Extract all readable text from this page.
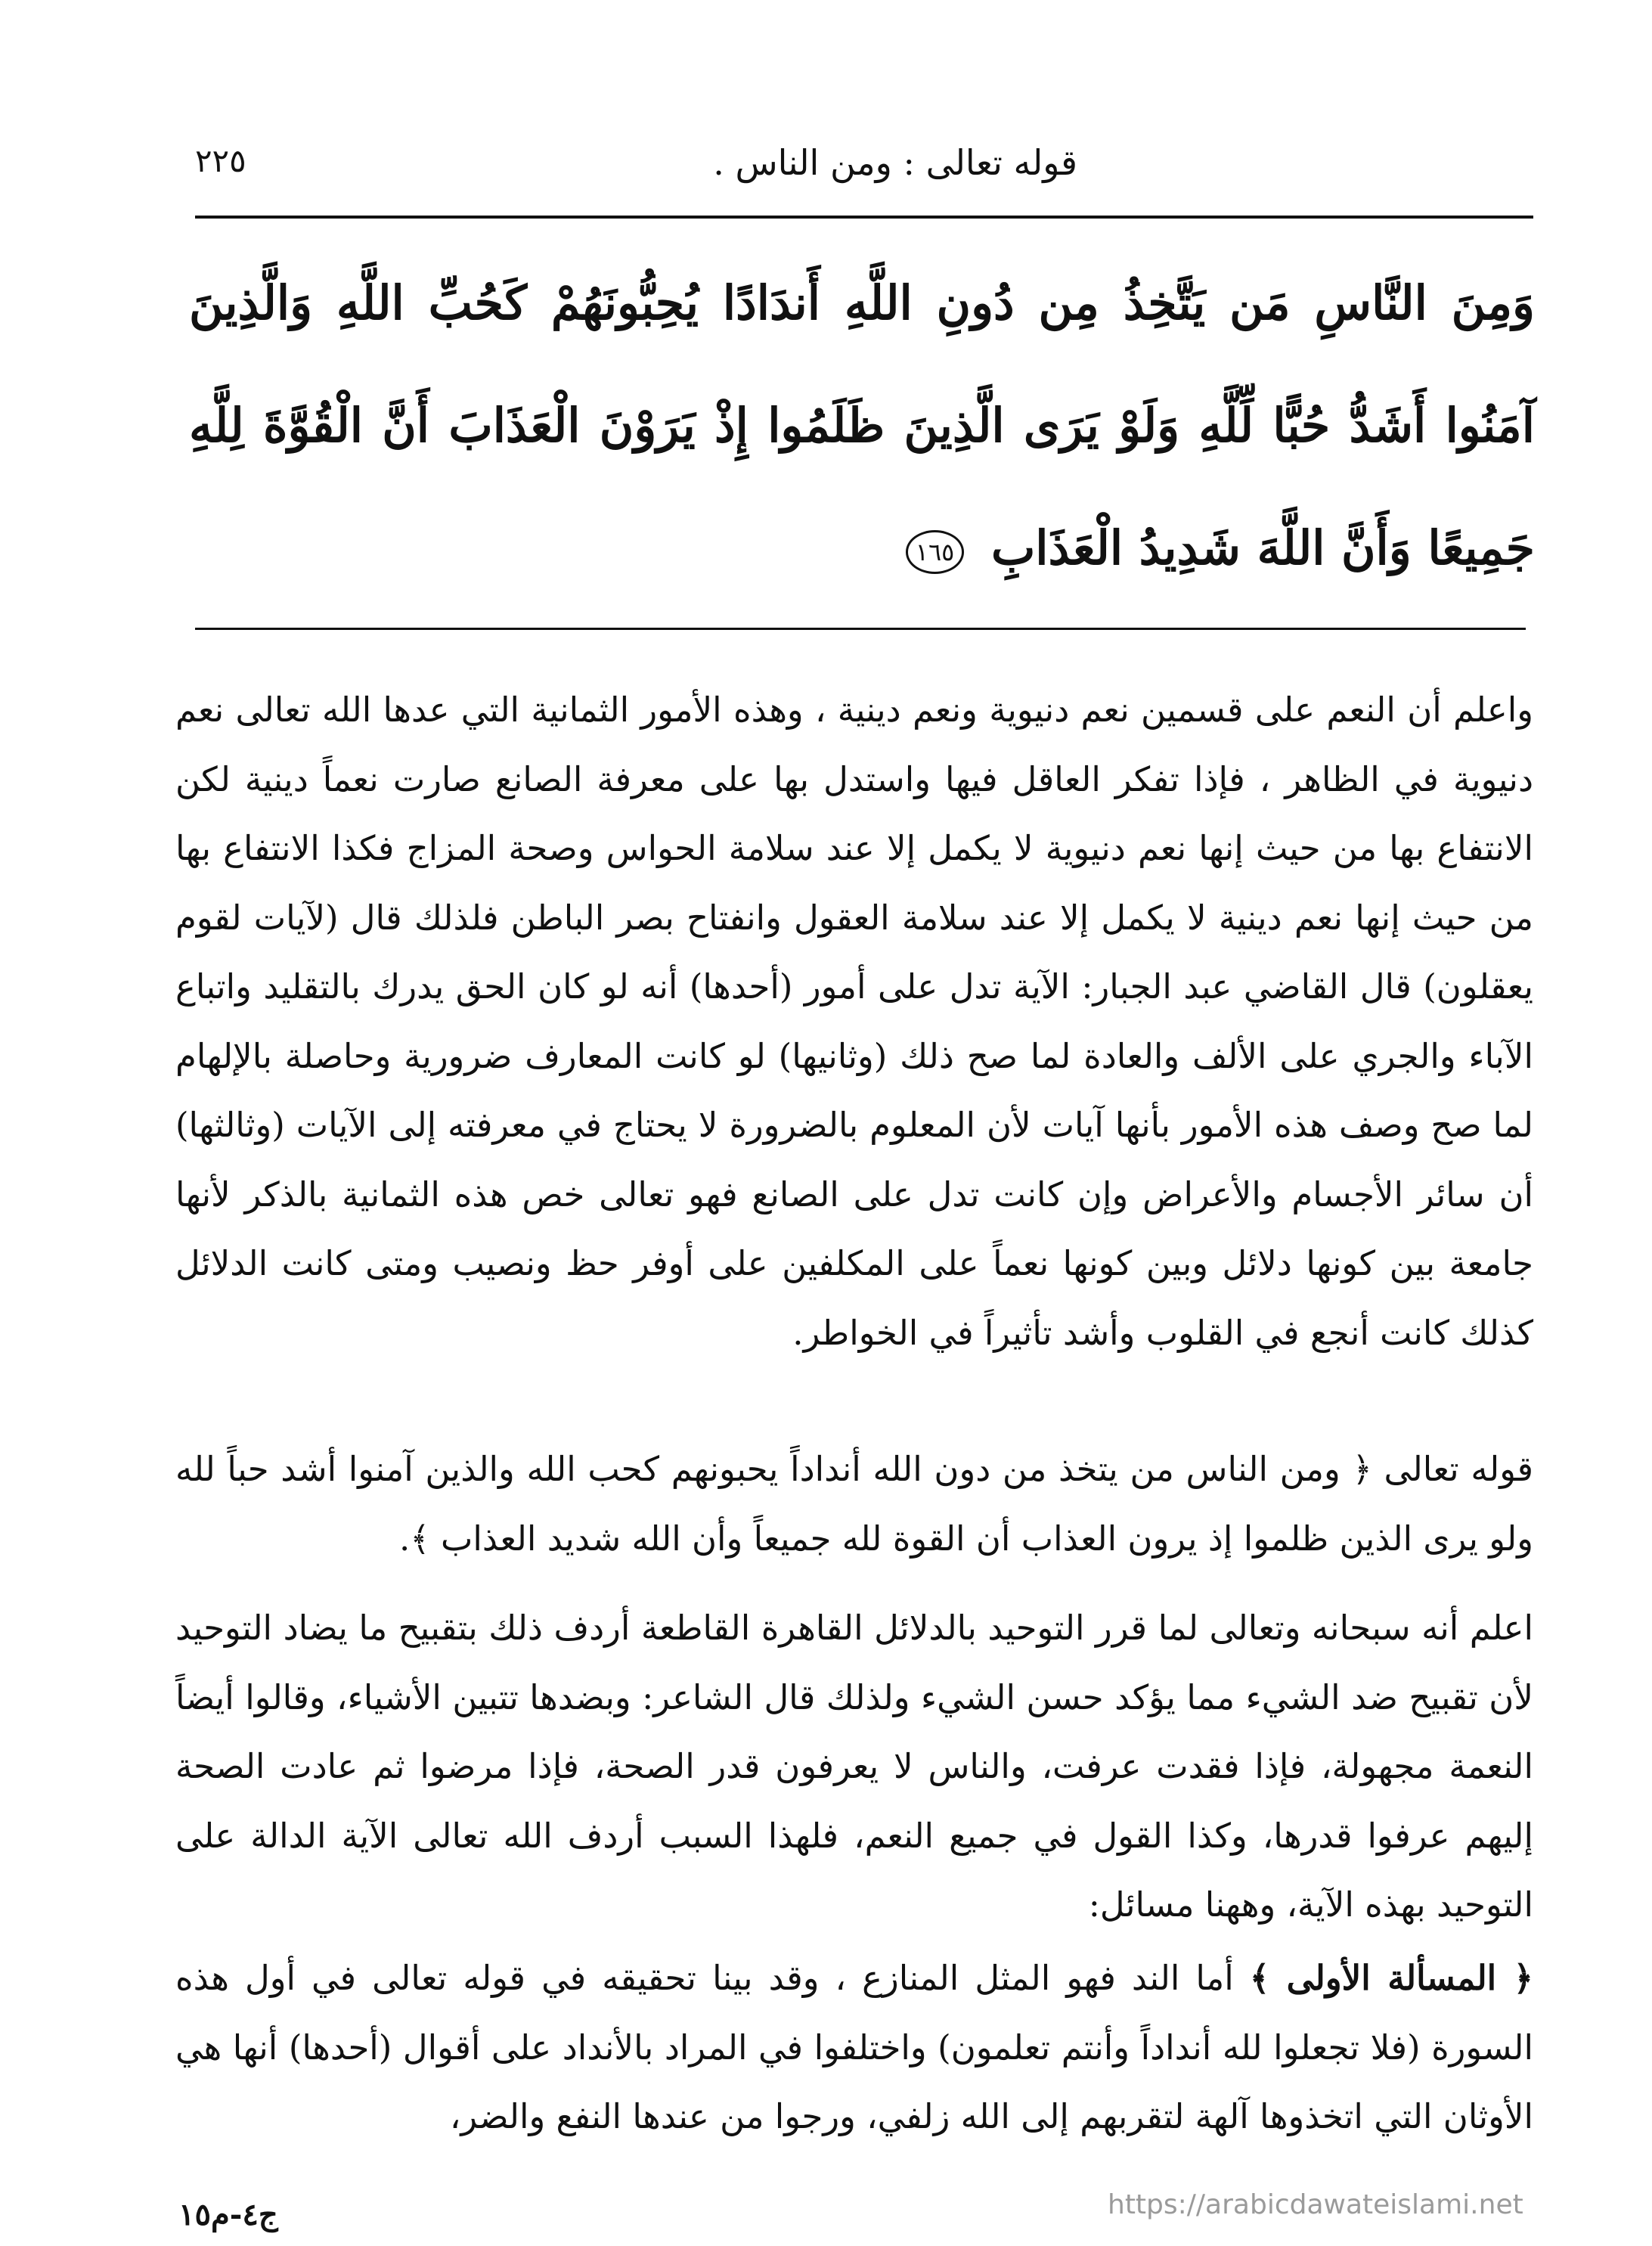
٢٢٥	قوله تعالى : ومن الناس .
وَمِنَ النَّاسِ مَن يَتَّخِذُ مِن دُونِ اللَّهِ أَندَادًا يُحِبُّونَهُمْ كَحُبِّ اللَّهِ وَالَّذِينَ آمَنُوا أَشَدُّ حُبًّا لِّلَّهِ وَلَوْ يَرَى الَّذِينَ ظَلَمُوا إِذْ يَرَوْنَ الْعَذَابَ أَنَّ الْقُوَّةَ لِلَّهِ جَمِيعًا وَأَنَّ اللَّهَ شَدِيدُ الْعَذَابِ ١٦٥
واعلم أن النعم على قسمين نعم دنيوية ونعم دينية ، وهذه الأمور الثمانية التي عدها الله تعالى نعم دنيوية في الظاهر ، فإذا تفكر العاقل فيها واستدل بها على معرفة الصانع صارت نعماً دينية لكن الانتفاع بها من حيث إنها نعم دنيوية لا يكمل إلا عند سلامة الحواس وصحة المزاج فكذا الانتفاع بها من حيث إنها نعم دينية لا يكمل إلا عند سلامة العقول وانفتاح بصر الباطن فلذلك قال (لآيات لقوم يعقلون) قال القاضي عبد الجبار: الآية تدل على أمور (أحدها) أنه لو كان الحق يدرك بالتقليد واتباع الآباء والجري على الألف والعادة لما صح ذلك (وثانيها) لو كانت المعارف ضرورية وحاصلة بالإلهام لما صح وصف هذه الأمور بأنها آيات لأن المعلوم بالضرورة لا يحتاج في معرفته إلى الآيات (وثالثها) أن سائر الأجسام والأعراض وإن كانت تدل على الصانع فهو تعالى خص هذه الثمانية بالذكر لأنها جامعة بين كونها دلائل وبين كونها نعماً على المكلفين على أوفر حظ ونصيب ومتى كانت الدلائل كذلك كانت أنجع في القلوب وأشد تأثيراً في الخواطر.
قوله تعالى ﴿ ومن الناس من يتخذ من دون الله أنداداً يحبونهم كحب الله والذين آمنوا أشد حباً لله ولو يرى الذين ظلموا إذ يرون العذاب أن القوة لله جميعاً وأن الله شديد العذاب ﴾.
اعلم أنه سبحانه وتعالى لما قرر التوحيد بالدلائل القاهرة القاطعة أردف ذلك بتقبيح ما يضاد التوحيد لأن تقبيح ضد الشيء مما يؤكد حسن الشيء ولذلك قال الشاعر: وبضدها تتبين الأشياء، وقالوا أيضاً النعمة مجهولة، فإذا فقدت عرفت، والناس لا يعرفون قدر الصحة، فإذا مرضوا ثم عادت الصحة إليهم عرفوا قدرها، وكذا القول في جميع النعم، فلهذا السبب أردف الله تعالى الآية الدالة على التوحيد بهذه الآية، وههنا مسائل:
﴿ المسألة الأولى ﴾ أما الند فهو المثل المنازع ، وقد بينا تحقيقه في قوله تعالى في أول هذه السورة (فلا تجعلوا لله أنداداً وأنتم تعلمون) واختلفوا في المراد بالأنداد على أقوال (أحدها) أنها هي الأوثان التي اتخذوها آلهة لتقربهم إلى الله زلفي، ورجوا من عندها النفع والضر،
ج٤-م١٥	https://arabicdawateislami.net
